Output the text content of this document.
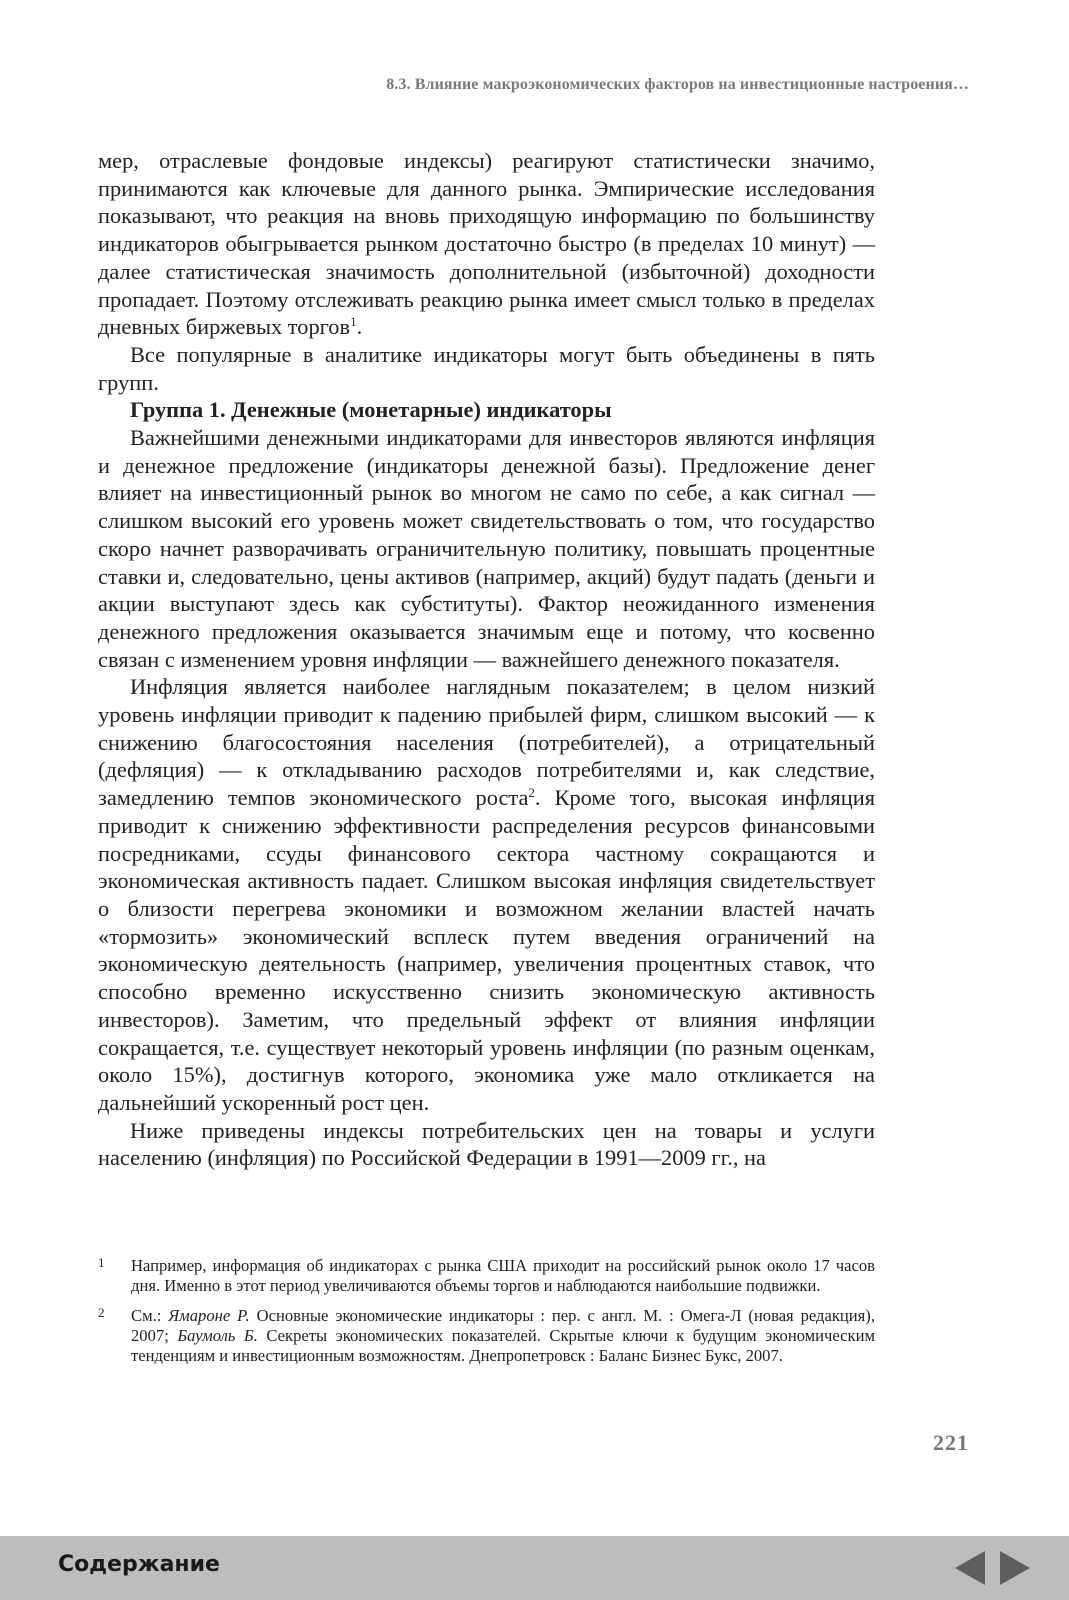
8.3. Влияние макроэкономических факторов на инвестиционные настроения…

мер, отраслевые фондовые индексы) реагируют статистически значимо, принимаются как ключевые для данного рынка. Эмпирические исследования показывают, что реакция на вновь приходящую информацию по большинству индикаторов обыгрывается рынком достаточно быстро (в пределах 10 минут) — далее статистическая значимость дополнительной (избыточной) доходности пропадает. Поэтому отслеживать реакцию рынка имеет смысл только в пределах дневных биржевых торгов$^1$.

Все популярные в аналитике индикаторы могут быть объединены в пять групп.

Группа 1. Денежные (монетарные) индикаторы

Важнейшими денежными индикаторами для инвесторов являются инфляция и денежное предложение (индикаторы денежной базы). Предложение денег влияет на инвестиционный рынок во многом не само по себе, а как сигнал — слишком высокий его уровень может свидетельствовать о том, что государство скоро начнет разворачивать ограничительную политику, повышать процентные ставки и, следовательно, цены активов (например, акций) будут падать (деньги и акции выступают здесь как субституты). Фактор неожиданного изменения денежного предложения оказывается значимым еще и потому, что косвенно связан с изменением уровня инфляции — важнейшего денежного показателя.

Инфляция является наиболее наглядным показателем; в целом низкий уровень инфляции приводит к падению прибылей фирм, слишком высокий — к снижению благосостояния населения (потребителей), а отрицательный (дефляция) — к откладыванию расходов потребителями и, как следствие, замедлению темпов экономического роста$^2$. Кроме того, высокая инфляция приводит к снижению эффективности распределения ресурсов финансовыми посредниками, ссуды финансового сектора частному сокращаются и экономическая активность падает. Слишком высокая инфляция свидетельствует о близости перегрева экономики и возможном желании властей начать «тормозить» экономический всплеск путем введения ограничений на экономическую деятельность (например, увеличения процентных ставок, что способно временно искусственно снизить экономическую активность инвесторов). Заметим, что предельный эффект от влияния инфляции сокращается, т.е. существует некоторый уровень инфляции (по разным оценкам, около 15%), достигнув которого, экономика уже мало откликается на дальнейший ускоренный рост цен.

Ниже приведены индексы потребительских цен на товары и услуги населению (инфляция) по Российской Федерации в 1991—2009 гг., на

1 Например, информация об индикаторах с рынка США приходит на российский рынок около 17 часов дня. Именно в этот период увеличиваются объемы торгов и наблюдаются наибольшие подвижки.
2 См.: Ямароне Р. Основные экономические индикаторы : пер. с англ. М. : Омега-Л (новая редакция), 2007; Баумоль Б. Секреты экономических показателей. Скрытые ключи к будущим экономическим тенденциям и инвестиционным возможностям. Днепропетровск : Баланс Бизнес Букс, 2007.
221
Содержание
